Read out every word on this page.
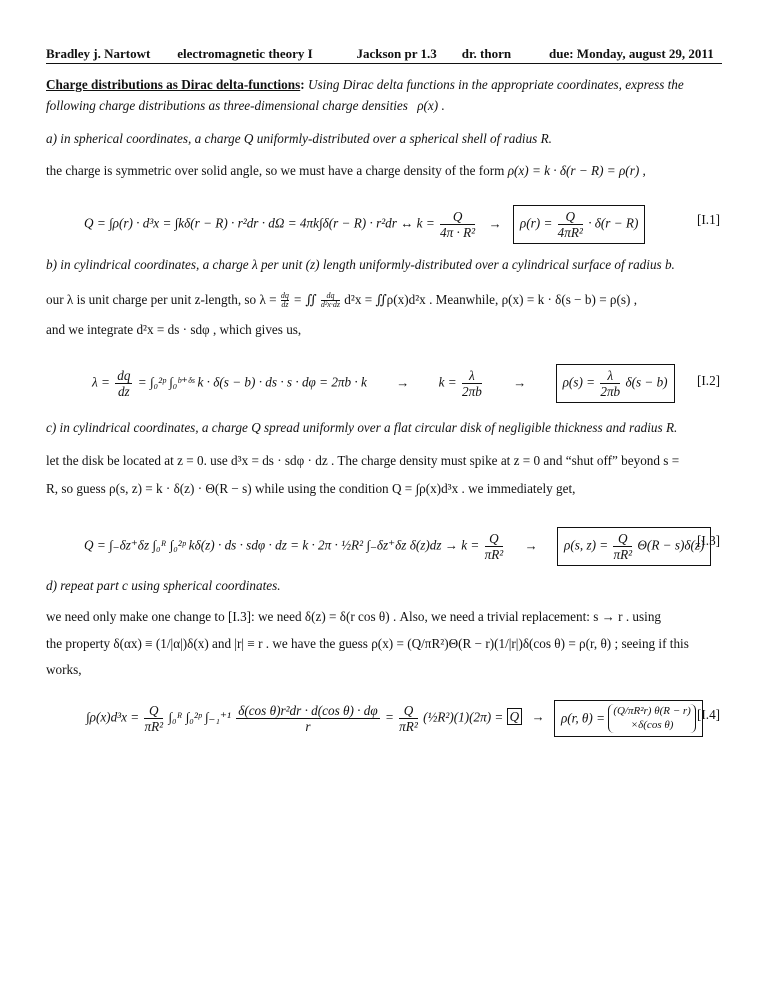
Bradley j. Nartowt electromagnetic theory I	Jackson pr 1.3 dr. thorn	due: Monday, august 29, 2011
Charge distributions as Dirac delta-functions: Using Dirac delta functions in the appropriate coordinates, express the
following charge distributions as three-dimensional charge densities ρ(x) .
a) in spherical coordinates, a charge Q uniformly-distributed over a spherical shell of radius R.
the charge is symmetric over solid angle, so we must have a charge density of the form ρ(x) = k · δ(r − R) = ρ(r) ,
Q = ∫ρ(r) · d³x = ∫kδ(r − R) · r²dr · dΩ = 4πk∫δ(r − R) · r²dr ↔ $k = \frac{Q}{\text{4π · R²}} \to \rho(r) = \frac{Q}{\text{4πR²}} \cdot \delta(r - R)$	[I.1]
b) in cylindrical coordinates, a charge λ per unit (z) length uniformly-distributed over a cylindrical surface of radius b.
our λ is unit charge per unit z-length, so $\lambda = \frac{dq}{dz}$ = ∬ $\frac{dq}{\text{d²x·dz}} d^2x$ = ∬ρ(x)d²x . Meanwhile, ρ(x) = k · δ(s − b) = ρ(s) ,
and we integrate d²x = ds · sdφ , which gives us,
$\lambda = \frac{dq}{dz}$ = ∫₀²ᵖ ∫₀ᵇ⁺ᵟˢ k · δ(s − b) · ds · $s \cdot d\varphi = 2\pi b \cdot k \to k = \frac{\lambda}{2\pi b}$ →	$\rho(s) = \frac{\lambda}{2\pi b} \delta(s - b)$	[I.2]
c) in cylindrical coordinates, a charge Q spread uniformly over a flat circular disk of negligible thickness and radius R.
let the disk be located at z = 0. use d³x = ds · sdφ · dz . The charge density must spike at z = 0 and “shut off” beyond s =
R, so guess ρ(s, z) = k · δ(z) · Θ(R − s) while using the condition Q = ∫ρ(x)d³x . we immediately get,
Q = ∫₋δz⁺δz ∫₀ᴿ ∫₀²ᵖ kδ(z) · ds · sdφ · dz = k · 2π · ½R² ∫₋δz⁺δz $\delta(z)dz \to k = \frac{Q}{\text{πR²}} \to \rho(s$, $z) = \frac{Q}{\text{πR²}} \Theta(R - s)\delta(z)$
[I.3]
d) repeat part c using spherical coordinates.
we need only make one change to [I.3]: we need δ(z) = δ(r cos θ) . Also, we need a trivial replacement: s → r . using
the property δ(αx) ≡ (1/|α|)δ(x) and |r| ≡ r . we have the guess ρ(x) = (Q/πR²)Θ(R − r)(1/|r|)δ(cos θ) = ρ(r, θ) ; seeing if this
works,
$\int\rho(x)d^3x = \frac{Q}{\text{πR²}}$ ∫₀ᴿ ∫₀²ᵖ $\int_{-1}^{+1} \frac{\text{δ(cos θ)r²dr · d(cos θ) · dφ}}{r} = \frac{Q}{\text{πR²}}$ (½R²)(1)(2π) = Q → ρ(r, θ) = (Q/πR²r) θ(R − r)
×δ(cos θ)
[I.4]
